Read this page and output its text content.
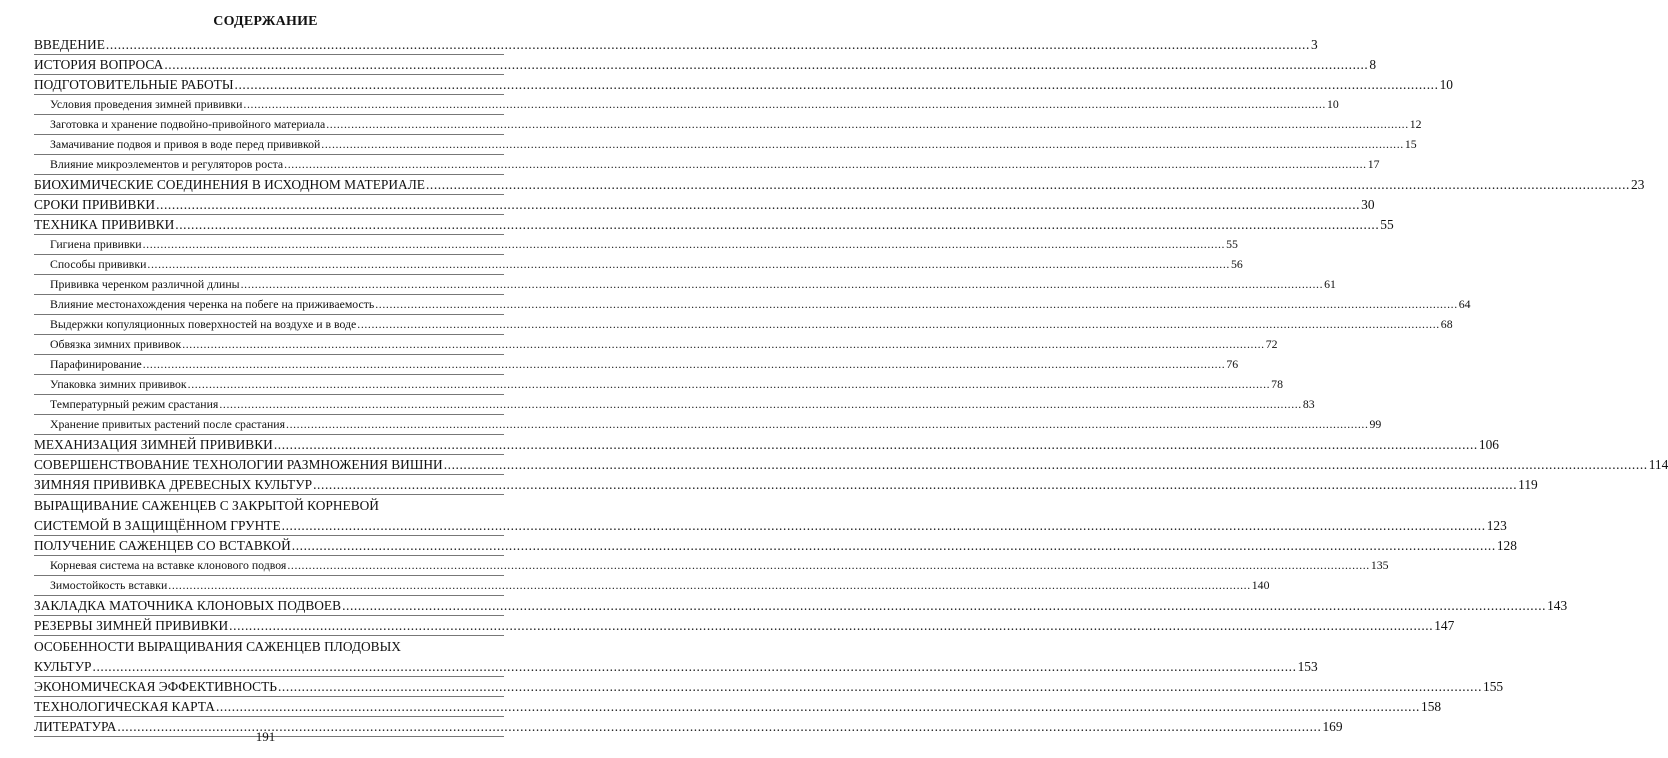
СОДЕРЖАНИЕ
ВВЕДЕНИЕ .....	3
ИСТОРИЯ ВОПРОСА .....	8
ПОДГОТОВИТЕЛЬНЫЕ РАБОТЫ .....	10
Условия проведения зимней прививки .....	10
Заготовка и хранение подвойно-привойного материала .....	12
Замачивание подвоя и привоя в воде перед прививкой .....	15
Влияние микроэлементов и регуляторов роста .....	17
БИОХИМИЧЕСКИЕ СОЕДИНЕНИЯ В ИСХОДНОМ МАТЕРИАЛЕ .....	23
СРОКИ ПРИВИВКИ .....	30
ТЕХНИКА ПРИВИВКИ .....	55
Гигиена прививки .....	55
Способы прививки .....	56
Прививка черенком различной длины .....	61
Влияние местонахождения черенка на побеге на приживаемость .....	64
Выдержки копуляционных поверхностей на воздухе и в воде .....	68
Обвязка зимних прививок .....	72
Парафинирование .....	76
Упаковка зимних прививок .....	78
Температурный режим срастания .....	83
Хранение привитых растений после срастания .....	99
МЕХАНИЗАЦИЯ ЗИМНЕЙ ПРИВИВКИ .....	106
СОВЕРШЕНСТВОВАНИЕ ТЕХНОЛОГИИ РАЗМНОЖЕНИЯ ВИШНИ .....	114
ЗИМНЯЯ ПРИВИВКА ДРЕВЕСНЫХ КУЛЬТУР .....	119
ВЫРАЩИВАНИЕ САЖЕНЦЕВ С ЗАКРЫТОЙ КОРНЕВОЙ
СИСТЕМОЙ В ЗАЩИЩЁННОМ ГРУНТЕ .....	123
ПОЛУЧЕНИЕ САЖЕНЦЕВ СО ВСТАВКОЙ .....	128
Корневая система на вставке клонового подвоя .....	135
Зимостойкость вставки .....	140
ЗАКЛАДКА МАТОЧНИКА КЛОНОВЫХ ПОДВОЕВ .....	143
РЕЗЕРВЫ ЗИМНЕЙ ПРИВИВКИ .....	147
ОСОБЕННОСТИ ВЫРАЩИВАНИЯ САЖЕНЦЕВ ПЛОДОВЫХ
КУЛЬТУР .....	153
ЭКОНОМИЧЕСКАЯ ЭФФЕКТИВНОСТЬ .....	155
ТЕХНОЛОГИЧЕСКАЯ КАРТА .....	158
ЛИТЕРАТУРА .....	169
191
